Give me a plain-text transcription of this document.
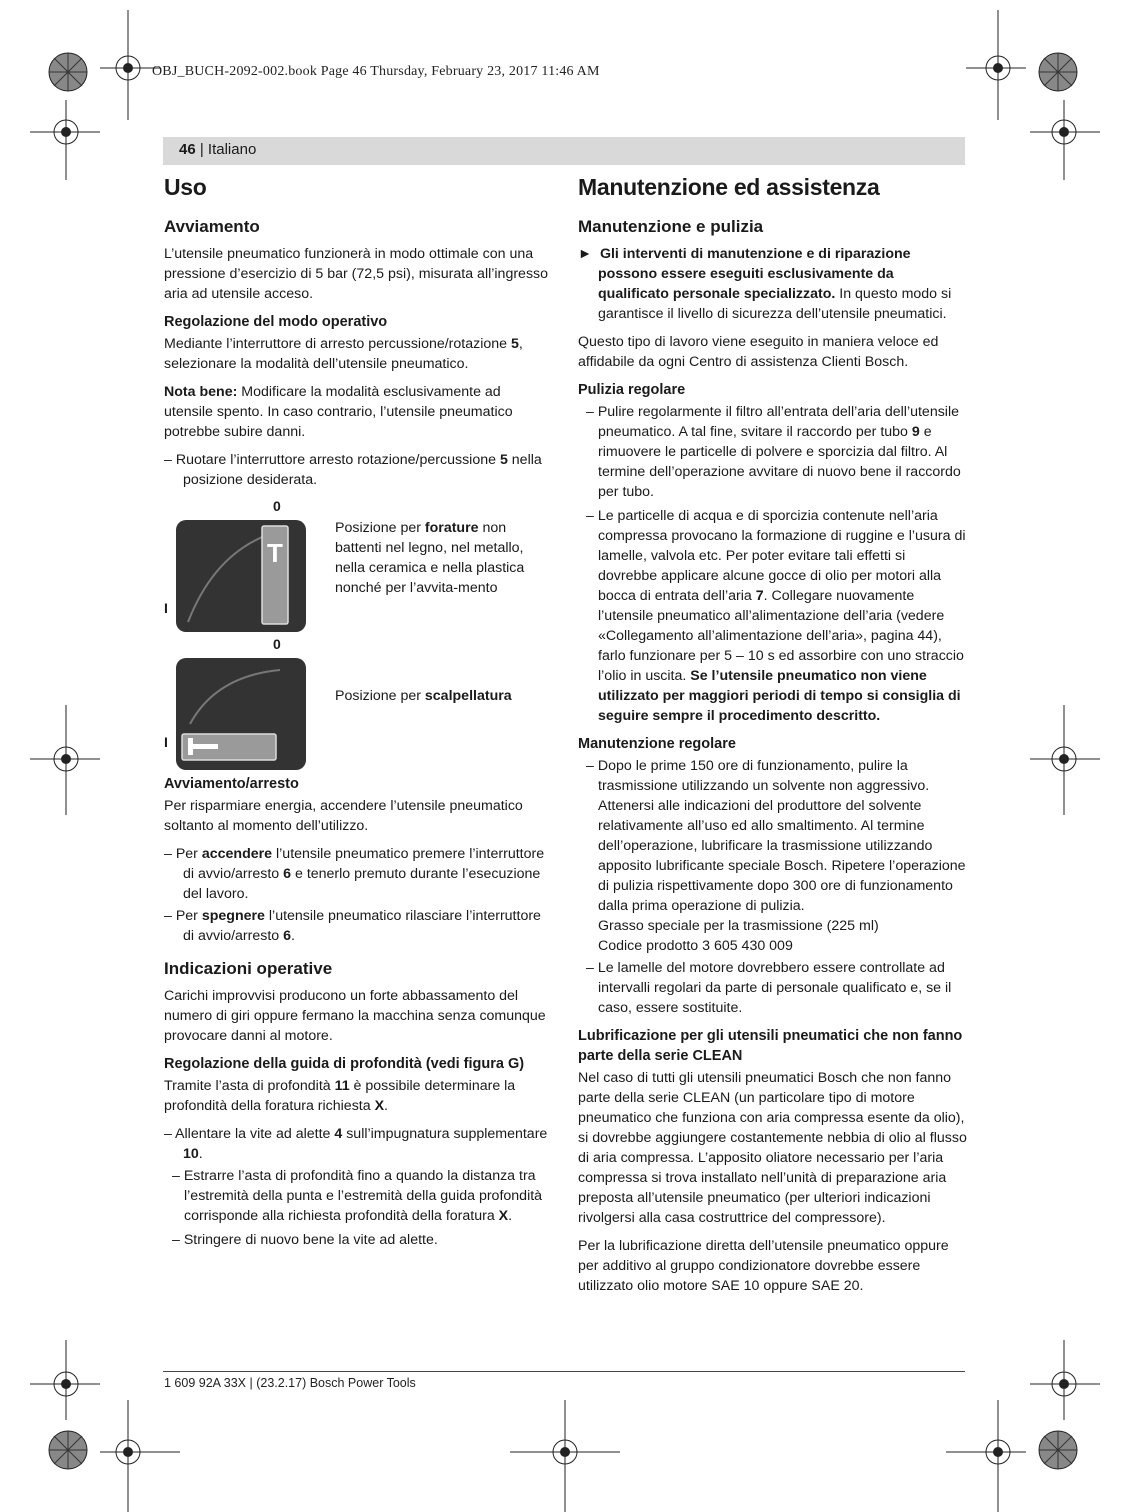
OBJ_BUCH-2092-002.book Page 46 Thursday, February 23, 2017 11:46 AM
46 | Italiano
Uso
Avviamento

L’utensile pneumatico funzionerà in modo ottimale con una pressione d’esercizio di 5 bar (72,5 psi), misurata all’ingresso aria ad utensile acceso.

Regolazione del modo operativo

Mediante l’interruttore di arresto percussione/rotazione 5, selezionare la modalità dell’utensile pneumatico.

Nota bene: Modificare la modalità esclusivamente ad utensile spento. In caso contrario, l’utensile pneumatico potrebbe subire danni.

– Ruotare l’interruttore arresto rotazione/percussione 5 nella posizione desiderata.

0
T
I
Posizione per forature non battenti nel legno, nel metallo, nella ceramica e nella plastica nonché per l’avvita-mento
0
I
Posizione per scalpellatura
Avviamento/arresto

Per risparmiare energia, accendere l’utensile pneumatico soltanto al momento dell’utilizzo.

– Per accendere l’utensile pneumatico premere l’interruttore di avvio/arresto 6 e tenerlo premuto durante l’esecuzione del lavoro.

– Per spegnere l’utensile pneumatico rilasciare l’interruttore di avvio/arresto 6.

Indicazioni operative

Carichi improvvisi producono un forte abbassamento del numero di giri oppure fermano la macchina senza comunque provocare danni al motore.

Regolazione della guida di profondità (vedi figura G)

Tramite l’asta di profondità 11 è possibile determinare la profondità della foratura richiesta X.

– Allentare la vite ad alette 4 sull’impugnatura supplementare 10.

– Estrarre l’asta di profondità fino a quando la distanza tra l’estremità della punta e l’estremità della guida profondità corrisponde alla richiesta profondità della foratura X.

– Stringere di nuovo bene la vite ad alette.

Manutenzione ed assistenza
Manutenzione e pulizia

►  Gli interventi di manutenzione e di riparazione possono essere eseguiti esclusivamente da qualificato personale specializzato. In questo modo si garantisce il livello di sicurezza dell’utensile pneumatici.

Questo tipo di lavoro viene eseguito in maniera veloce ed affidabile da ogni Centro di assistenza Clienti Bosch.

Pulizia regolare

– Pulire regolarmente il filtro all’entrata dell’aria dell’utensile pneumatico. A tal fine, svitare il raccordo per tubo 9 e rimuovere le particelle di polvere e sporcizia dal filtro. Al termine dell’operazione avvitare di nuovo bene il raccordo per tubo.

– Le particelle di acqua e di sporcizia contenute nell’aria compressa provocano la formazione di ruggine e l’usura di lamelle, valvola etc. Per poter evitare tali effetti si dovrebbe applicare alcune gocce di olio per motori alla bocca di entrata dell’aria 7. Collegare nuovamente l’utensile pneumatico all’alimentazione dell’aria (vedere «Collegamento all’alimentazione dell’aria», pagina 44), farlo funzionare per 5 – 10 s ed assorbire con uno straccio l’olio in uscita. Se l’utensile pneumatico non viene utilizzato per maggiori periodi di tempo si consiglia di seguire sempre il procedimento descritto.

Manutenzione regolare
– Dopo le prime 150 ore di funzionamento, pulire la trasmissione utilizzando un solvente non aggressivo. Attenersi alle indicazioni del produttore del solvente relativamente all’uso ed allo smaltimento. Al termine dell’operazione, lubrificare la trasmissione utilizzando apposito lubrificante speciale Bosch. Ripetere l’operazione di pulizia rispettivamente dopo 300 ore di funzionamento dalla prima operazione di pulizia.
Grasso speciale per la trasmissione (225 ml)
Codice prodotto 3 605 430 009

– Le lamelle del motore dovrebbero essere controllate ad intervalli regolari da parte di personale qualificato e, se il caso, essere sostituite.

Lubrificazione per gli utensili pneumatici che non fanno parte della serie CLEAN

Nel caso di tutti gli utensili pneumatici Bosch che non fanno parte della serie CLEAN (un particolare tipo di motore pneumatico che funziona con aria compressa esente da olio), si dovrebbe aggiungere costantemente nebbia di olio al flusso di aria compressa. L’apposito oliatore necessario per l’aria compressa si trova installato nell’unità di preparazione aria preposta all’utensile pneumatico (per ulteriori indicazioni rivolgersi alla casa costruttrice del compressore).

Per la lubrificazione diretta dell’utensile pneumatico oppure per additivo al gruppo condizionatore dovrebbe essere utilizzato olio motore SAE 10 oppure SAE 20.

1 609 92A 33X | (23.2.17) Bosch Power Tools
